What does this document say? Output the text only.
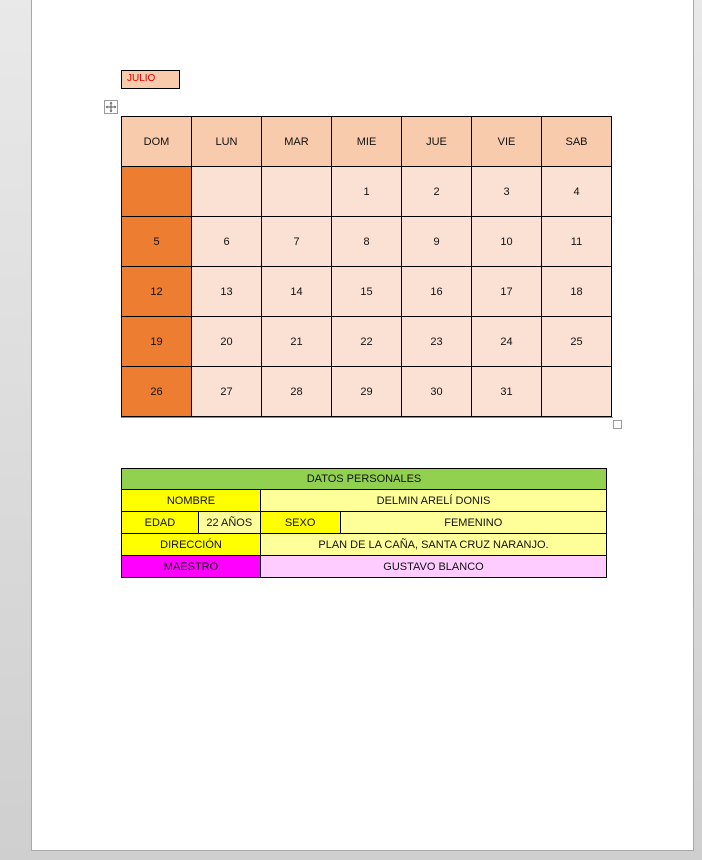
JULIO
DOM	LUN	MAR	MIE	JUE	VIE	SAB
			1	2	3	4
5	6	7	8	9	10	11
12	13	14	15	16	17	18
19	20	21	22	23	24	25
26	27	28	29	30	31	
DATOS PERSONALES
NOMBRE	DELMIN ARELÍ DONIS
EDAD	22 AÑOS	SEXO	FEMENINO
DIRECCIÓN	PLAN DE LA CAÑA, SANTA CRUZ NARANJO.
MAESTRO	GUSTAVO BLANCO
